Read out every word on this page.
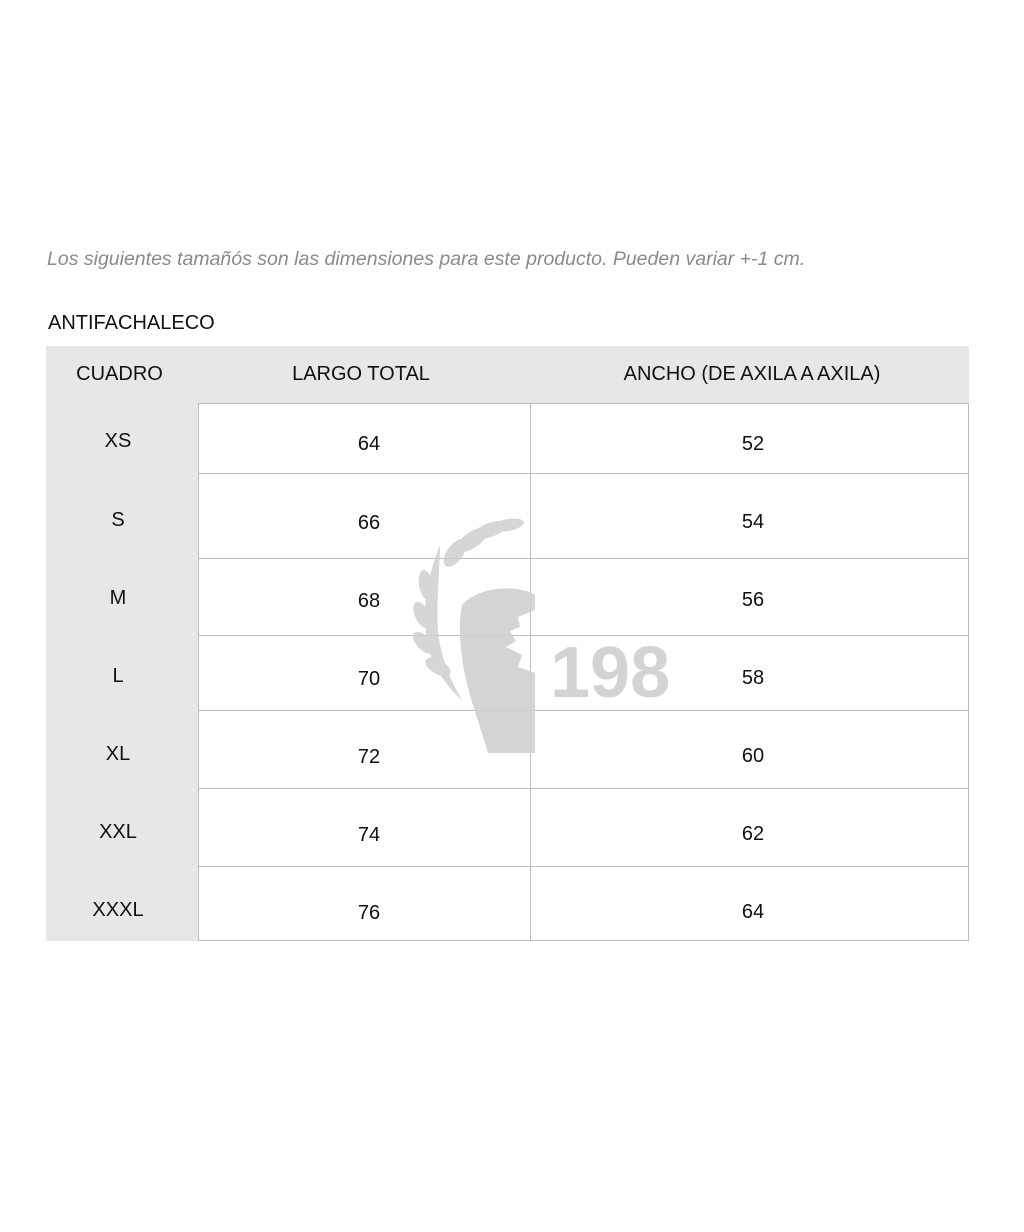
Los siguientes tamañós son las dimensiones para este producto. Pueden variar +-1 cm.
ANTIFACHALECO
CUADRO	LARGO TOTAL	ANCHO (DE AXILA A AXILA)
XS	64	52
S	66	54
M	68	56
L	70	58
XL	72	60
XXL	74	62
XXXL	76	64
198
